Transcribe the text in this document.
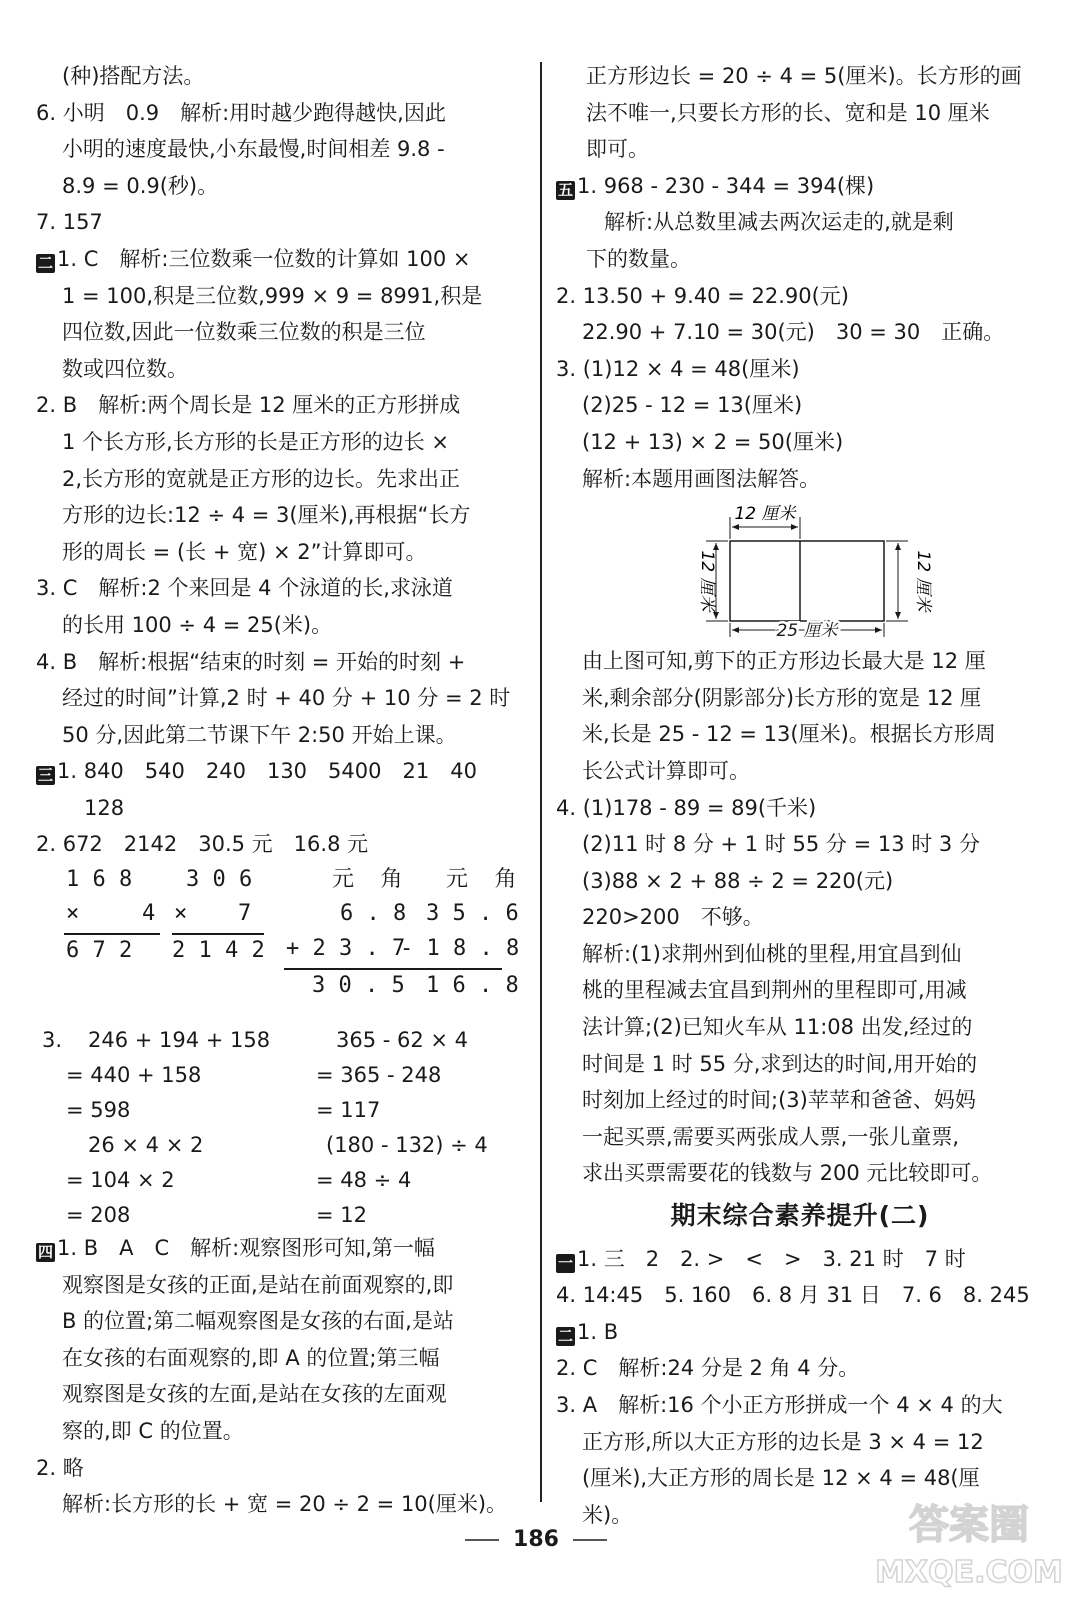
(种)搭配方法。
6. 小明　0.9　解析:用时越少跑得越快,因此
小明的速度最快,小东最慢,时间相差 9.8 -
8.9 = 0.9(秒)。
7. 157
二 1. C　解析:三位数乘一位数的计算如 100 ×
1 = 100,积是三位数,999 × 9 = 8991,积是
四位数,因此一位数乘三位数的积是三位
数或四位数。
2. B　解析:两个周长是 12 厘米的正方形拼成
1 个长方形,长方形的长是正方形的边长 ×
2,长方形的宽就是正方形的边长。先求出正
方形的边长:12 ÷ 4 = 3(厘米),再根据“长方
形的周长 = (长 + 宽) × 2”计算即可。
3. C　解析:2 个来回是 4 个泳道的长,求泳道
的长用 100 ÷ 4 = 25(米)。
4. B　解析:根据“结束的时刻 = 开始的时刻 +
经过的时间”计算,2 时 + 40 分 + 10 分 = 2 时
50 分,因此第二节课下午 2:50 开始上课。
三 1. 840　540　240　130　5400　21　40
128
2. 672　2142　30.5 元　16.8 元
1 6 8
×	4
6 7 2
3 0 6
× 7
2 1 4 2
元  角
6 . 8
+ 2 3 . 7
3 0 . 5
元  角
3 5 . 6
- 1 8 . 8
1 6 . 8
3. 246 + 194 + 158
= 440 + 158
= 598
26 × 4 × 2
= 104 × 2
= 208
365 - 62 × 4
= 365 - 248
= 117
(180 - 132) ÷ 4
= 48 ÷ 4
= 12
四 1. B　A　C　解析:观察图形可知,第一幅
观察图是女孩的正面,是站在前面观察的,即
B 的位置;第二幅观察图是女孩的右面,是站
在女孩的右面观察的,即 A 的位置;第三幅
观察图是女孩的左面,是站在女孩的左面观
察的,即 C 的位置。
2. 略
解析:长方形的长 + 宽 = 20 ÷ 2 = 10(厘米)。
正方形边长 = 20 ÷ 4 = 5(厘米)。长方形的画
法不唯一,只要长方形的长、宽和是 10 厘米
即可。
五 1. 968 - 230 - 344 = 394(棵)
解析:从总数里减去两次运走的,就是剩
下的数量。
2. 13.50 + 9.40 = 22.90(元)
22.90 + 7.10 = 30(元)　30 = 30　正确。
3. (1)12 × 4 = 48(厘米)
(2)25 - 12 = 13(厘米)
(12 + 13) × 2 = 50(厘米)
解析:本题用画图法解答。
12 厘米
25 厘米
12 厘米	12 厘米
由上图可知,剪下的正方形边长最大是 12 厘
米,剩余部分(阴影部分)长方形的宽是 12 厘
米,长是 25 - 12 = 13(厘米)。根据长方形周
长公式计算即可。
4. (1)178 - 89 = 89(千米)
(2)11 时 8 分 + 1 时 55 分 = 13 时 3 分
(3)88 × 2 + 88 ÷ 2 = 220(元)
220>200　不够。
解析:(1)求荆州到仙桃的里程,用宜昌到仙
桃的里程减去宜昌到荆州的里程即可,用减
法计算;(2)已知火车从 11:08 出发,经过的
时间是 1 时 55 分,求到达的时间,用开始的
时刻加上经过的时间;(3)苹苹和爸爸、妈妈
一起买票,需要买两张成人票,一张儿童票,
求出买票需要花的钱数与 200 元比较即可。
期末综合素养提升(二)
一 1. 三　2　2. >　<　>　3. 21 时　7 时
4. 14:45　5. 160　6. 8 月 31 日　7. 6　8. 245
二 1. B
2. C　解析:24 分是 2 角 4 分。
3. A　解析:16 个小正方形拼成一个 4 × 4 的大
正方形,所以大正方形的边长是 3 × 4 = 12
(厘米),大正方形的周长是 12 × 4 = 48(厘
米)。
186	答案圈
MXQE.COM
